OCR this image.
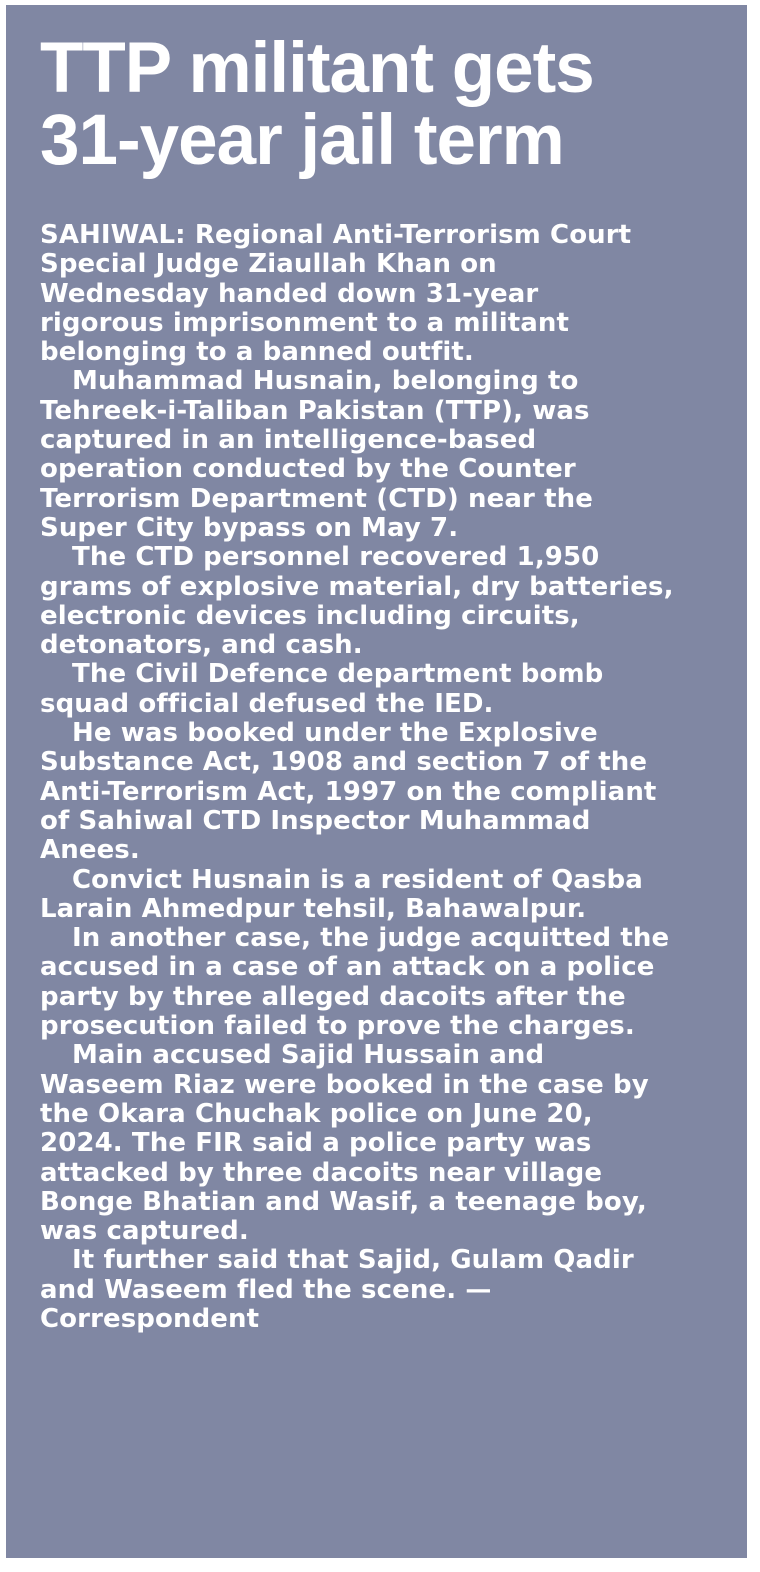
TTP militant gets
31-year jail term

SAHIWAL: Regional Anti-Terrorism Court
Special Judge Ziaullah Khan on
Wednesday handed down 31-year
rigorous imprisonment to a militant
belonging to a banned outfit.

Muhammad Husnain, belonging to
Tehreek-i-Taliban Pakistan (TTP), was
captured in an intelligence-based
operation conducted by the Counter
Terrorism Department (CTD) near the
Super City bypass on May 7.

The CTD personnel recovered 1,950
grams of explosive material, dry batteries,
electronic devices including circuits,
detonators, and cash.

The Civil Defence department bomb
squad official defused the IED.

He was booked under the Explosive
Substance Act, 1908 and section 7 of the
Anti-Terrorism Act, 1997 on the compliant
of Sahiwal CTD Inspector Muhammad
Anees.

Convict Husnain is a resident of Qasba
Larain Ahmedpur tehsil, Bahawalpur.

In another case, the judge acquitted the
accused in a case of an attack on a police
party by three alleged dacoits after the
prosecution failed to prove the charges.

Main accused Sajid Hussain and
Waseem Riaz were booked in the case by
the Okara Chuchak police on June 20,
2024. The FIR said a police party was
attacked by three dacoits near village
Bonge Bhatian and Wasif, a teenage boy,
was captured.

It further said that Sajid, Gulam Qadir
and Waseem fled the scene. —
Correspondent
